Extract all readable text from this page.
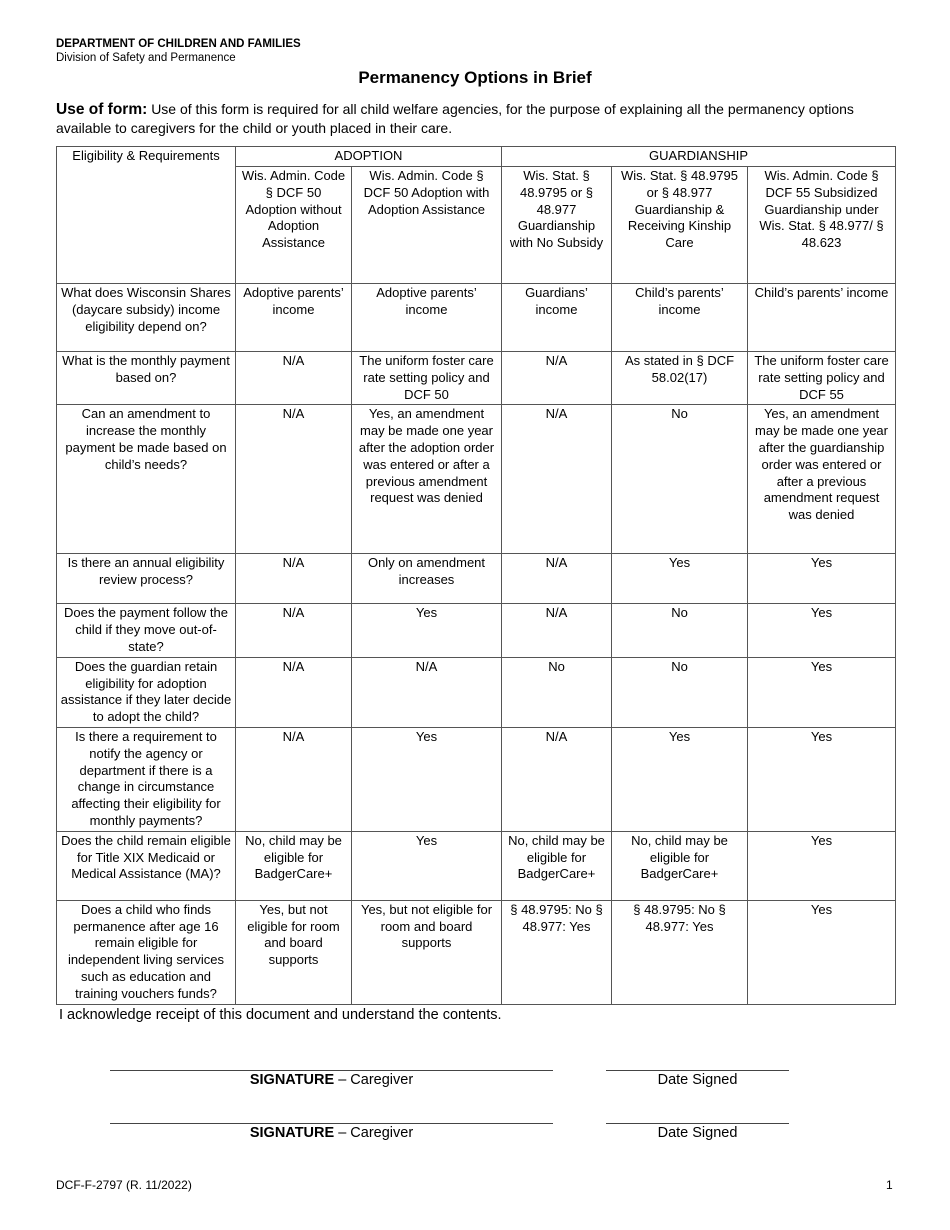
DEPARTMENT OF CHILDREN AND FAMILIES
Division of Safety and Permanence
Permanency Options in Brief
Use of form: Use of this form is required for all child welfare agencies, for the purpose of explaining all the permanency options available to caregivers for the child or youth placed in their care.
Eligibility & Requirements	ADOPTION		GUARDIANSHIP		
	Wis. Admin. Code § DCF 50 Adoption without Adoption Assistance	Wis. Admin. Code § DCF 50 Adoption with Adoption Assistance	Wis. Stat. § 48.9795 or § 48.977 Guardianship with No Subsidy	Wis. Stat. § 48.9795 or § 48.977 Guardianship & Receiving Kinship Care	Wis. Admin. Code § DCF 55 Subsidized Guardianship under Wis. Stat. § 48.977/ § 48.623
What does Wisconsin Shares (daycare subsidy) income eligibility depend on?	Adoptive parents’ income	Adoptive parents’ income	Guardians’ income	Child’s parents’ income	Child’s parents’ income
What is the monthly payment based on?	N/A	The uniform foster care rate setting policy and DCF 50	N/A	As stated in § DCF 58.02(17)	The uniform foster care rate setting policy and DCF 55
Can an amendment to increase the monthly payment be made based on child’s needs?	N/A	Yes, an amendment may be made one year after the adoption order was entered or after a previous amendment request was denied	N/A	No	Yes, an amendment may be made one year after the guardianship order was entered or after a previous amendment request was denied
Is there an annual eligibility review process?	N/A	Only on amendment increases	N/A	Yes	Yes
Does the payment follow the child if they move out-of-state?	N/A	Yes	N/A	No	Yes
Does the guardian retain eligibility for adoption assistance if they later decide to adopt the child?	N/A	N/A	No	No	Yes
Is there a requirement to notify the agency or department if there is a change in circumstance affecting their eligibility for monthly payments?	N/A	Yes	N/A	Yes	Yes
Does the child remain eligible for Title XIX Medicaid or Medical Assistance (MA)?	No, child may be eligible for BadgerCare+	Yes	No, child may be eligible for BadgerCare+	No, child may be eligible for BadgerCare+	Yes
Does a child who finds permanence after age 16 remain eligible for independent living services such as education and training vouchers funds?	Yes, but not eligible for room and board supports	Yes, but not eligible for room and board supports	§ 48.9795: No § 48.977: Yes	§ 48.9795: No § 48.977: Yes	Yes
I acknowledge receipt of this document and understand the contents.
SIGNATURE – Caregiver	Date Signed
SIGNATURE – Caregiver	Date Signed
DCF-F-2797 (R. 11/2022)	1
